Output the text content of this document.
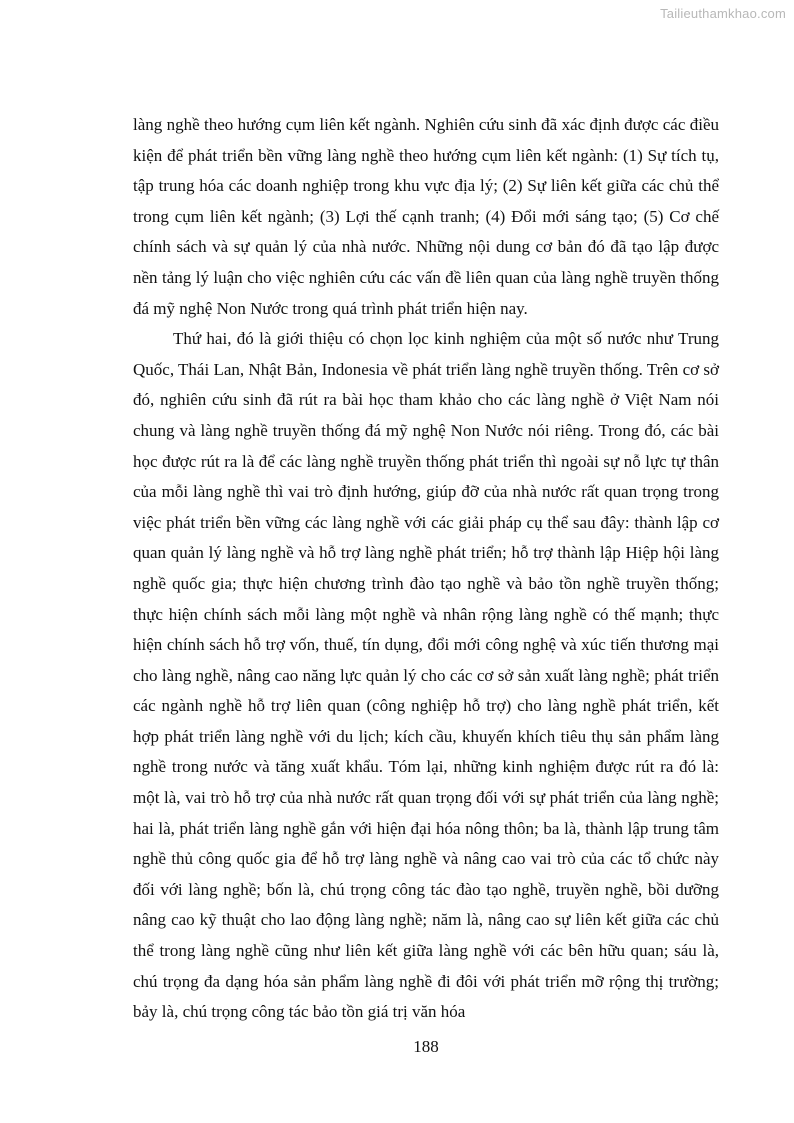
Tailieuthamkhao.com

làng nghề theo hướng cụm liên kết ngành. Nghiên cứu sinh đã xác định được các điều kiện để phát triển bền vững làng nghề theo hướng cụm liên kết ngành: (1) Sự tích tụ, tập trung hóa các doanh nghiệp trong khu vực địa lý; (2) Sự liên kết giữa các chủ thể trong cụm liên kết ngành; (3) Lợi thế cạnh tranh; (4) Đổi mới sáng tạo; (5) Cơ chế chính sách và sự quản lý của nhà nước. Những nội dung cơ bản đó đã tạo lập được nền tảng lý luận cho việc nghiên cứu các vấn đề liên quan của làng nghề truyền thống đá mỹ nghệ Non Nước trong quá trình phát triển hiện nay.

Thứ hai, đó là giới thiệu có chọn lọc kinh nghiệm của một số nước như Trung Quốc, Thái Lan, Nhật Bản, Indonesia về phát triển làng nghề truyền thống. Trên cơ sở đó, nghiên cứu sinh đã rút ra bài học tham khảo cho các làng nghề ở Việt Nam nói chung và làng nghề truyền thống đá mỹ nghệ Non Nước nói riêng. Trong đó, các bài học được rút ra là để các làng nghề truyền thống phát triển thì ngoài sự nỗ lực tự thân của mỗi làng nghề thì vai trò định hướng, giúp đỡ của nhà nước rất quan trọng trong việc phát triển bền vững các làng nghề với các giải pháp cụ thể sau đây: thành lập cơ quan quản lý làng nghề và hỗ trợ làng nghề phát triển; hỗ trợ thành lập Hiệp hội làng nghề quốc gia; thực hiện chương trình đào tạo nghề và bảo tồn nghề truyền thống; thực hiện chính sách mỗi làng một nghề và nhân rộng làng nghề có thế mạnh; thực hiện chính sách hỗ trợ vốn, thuế, tín dụng, đổi mới công nghệ và xúc tiến thương mại cho làng nghề, nâng cao năng lực quản lý cho các cơ sở sản xuất làng nghề; phát triển các ngành nghề hỗ trợ liên quan (công nghiệp hỗ trợ) cho làng nghề phát triển, kết hợp phát triển làng nghề với du lịch; kích cầu, khuyến khích tiêu thụ sản phẩm làng nghề trong nước và tăng xuất khẩu. Tóm lại, những kinh nghiệm được rút ra đó là: một là, vai trò hỗ trợ của nhà nước rất quan trọng đối với sự phát triển của làng nghề; hai là, phát triển làng nghề gắn với hiện đại hóa nông thôn; ba là, thành lập trung tâm nghề thủ công quốc gia để hỗ trợ làng nghề và nâng cao vai trò của các tổ chức này đối với làng nghề; bốn là, chú trọng công tác đào tạo nghề, truyền nghề, bồi dưỡng nâng cao kỹ thuật cho lao động làng nghề; năm là, nâng cao sự liên kết giữa các chủ thể trong làng nghề cũng như liên kết giữa làng nghề với các bên hữu quan; sáu là, chú trọng đa dạng hóa sản phẩm làng nghề đi đôi với phát triển mỡ rộng thị trường; bảy là, chú trọng công tác bảo tồn giá trị văn hóa

188
